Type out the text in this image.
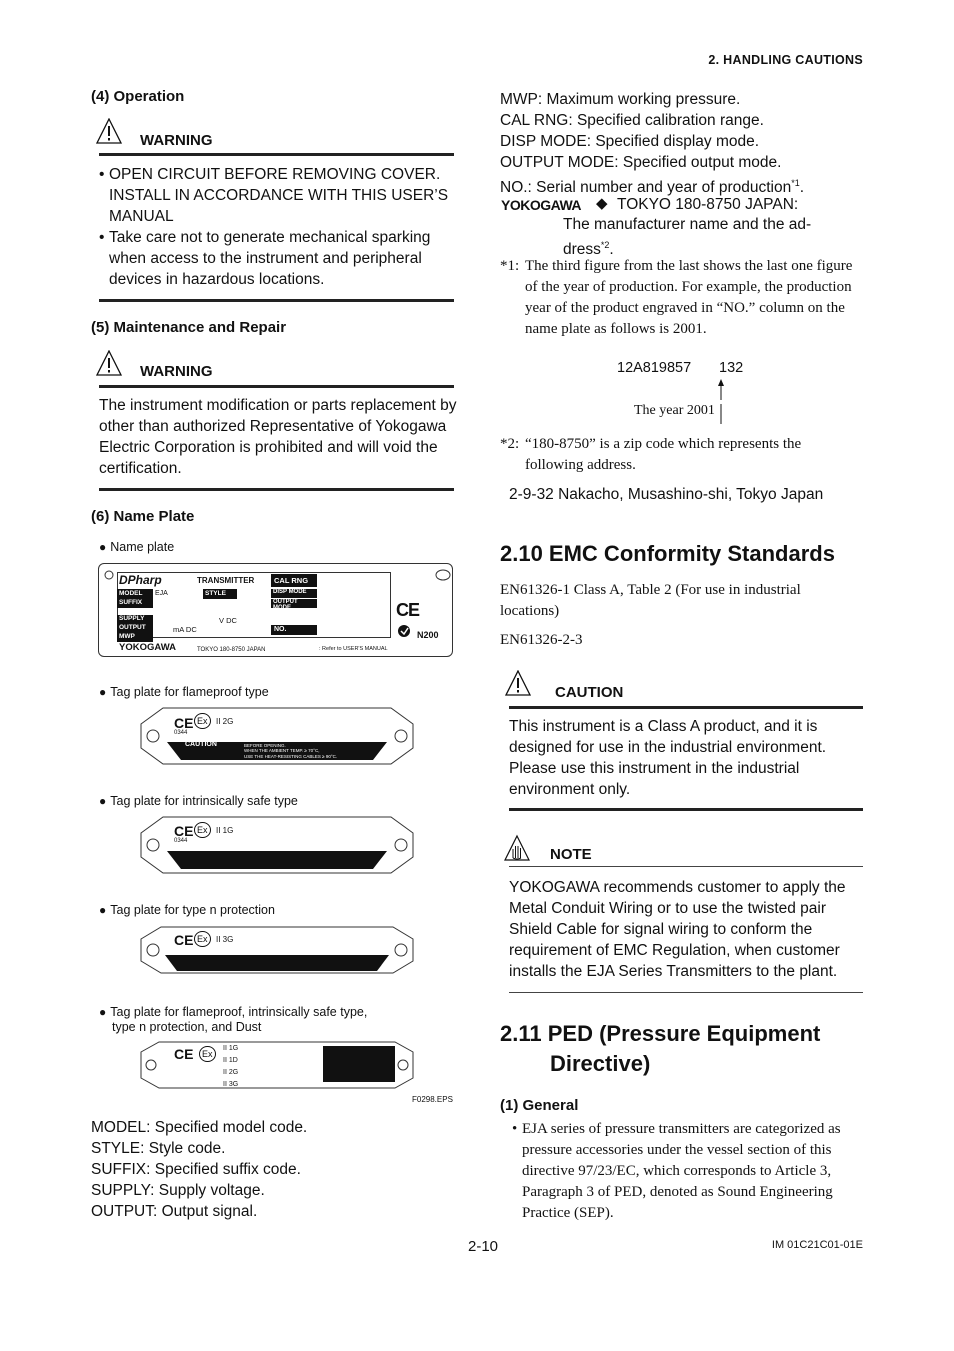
2. HANDLING CAUTIONS
(4) Operation
WARNING
• OPEN CIRCUIT BEFORE REMOVING COVER. INSTALL IN ACCORDANCE WITH THIS USER’S MANUAL
• Take care not to generate mechanical sparking when access to the instrument and peripheral devices in hazardous locations.
(5) Maintenance and Repair
WARNING
The instrument modification or parts replacement by other than authorized Representative of Yokogawa Electric Corporation is prohibited and will void the certification.
(6) Name Plate
● Name plate
DPharp	TRANSMITTER	CAL RNG
MODEL	EJA	STYLE
SUFFIX
DISP MODE
OUTPUT MODE
SUPPLY
OUTPUT
MWP
V DC
mA DC	NO.
CE
N200
YOKOGAWA	TOKYO 180-8750 JAPAN	: Refer to USER'S MANUAL
● Tag plate for flameproof type
CE Ex	II 2G
0344
CAUTION
AFTER DE-ENERGIZING, DELAY 10 MINUTES
BEFORE OPENING.
WHEN THE AMBIENT TEMP. ≥ 70°C,
USE THE HEAT-RESISTING CABLES ≥ 90°C.
● Tag plate for intrinsically safe type
CE Ex	II 1G
0344
● Tag plate for type n protection
CE Ex	II 3G
● Tag plate for flameproof, intrinsically safe type,
type n protection, and Dust
CE Ex
II 1G
II 1D
II 2G
II 3G
F0298.EPS
MODEL: Specified model code.
STYLE: Style code.
SUFFIX: Specified suffix code.
SUPPLY: Supply voltage.
OUTPUT: Output signal.
MWP: Maximum working pressure.
CAL RNG: Specified calibration range.
DISP MODE: Specified display mode.
OUTPUT MODE: Specified output mode.
NO.: Serial number and year of production$^{*1}$.
YOKOGAWA ◆ TOKYO 180-8750 JAPAN:
The manufacturer name and the ad-
dress$^{*2}$.
*1: The third figure from the last shows the last one figure of the year of production. For example, the production year of the product engraved in “NO.” column on the name plate as follows is 2001.
12A819857 132
The year 2001
*2: “180-8750” is a zip code which represents the following address.
2-9-32 Nakacho, Musashino-shi, Tokyo Japan
2.10 EMC Conformity Standards
EN61326-1 Class A, Table 2 (For use in industrial locations)
EN61326-2-3
CAUTION
This instrument is a Class A product, and it is designed for use in the industrial environment. Please use this instrument in the industrial environment only.
NOTE
YOKOGAWA recommends customer to apply the Metal Conduit Wiring or to use the twisted pair Shield Cable for signal wiring to conform the requirement of EMC Regulation, when customer installs the EJA Series Transmitters to the plant.
2.11 PED (Pressure Equipment
Directive)
(1) General
• EJA series of pressure transmitters are categorized as pressure accessories under the vessel section of this directive 97/23/EC, which corresponds to Article 3, Paragraph 3 of PED, denoted as Sound Engineering Practice (SEP).
2-10	IM 01C21C01-01E
